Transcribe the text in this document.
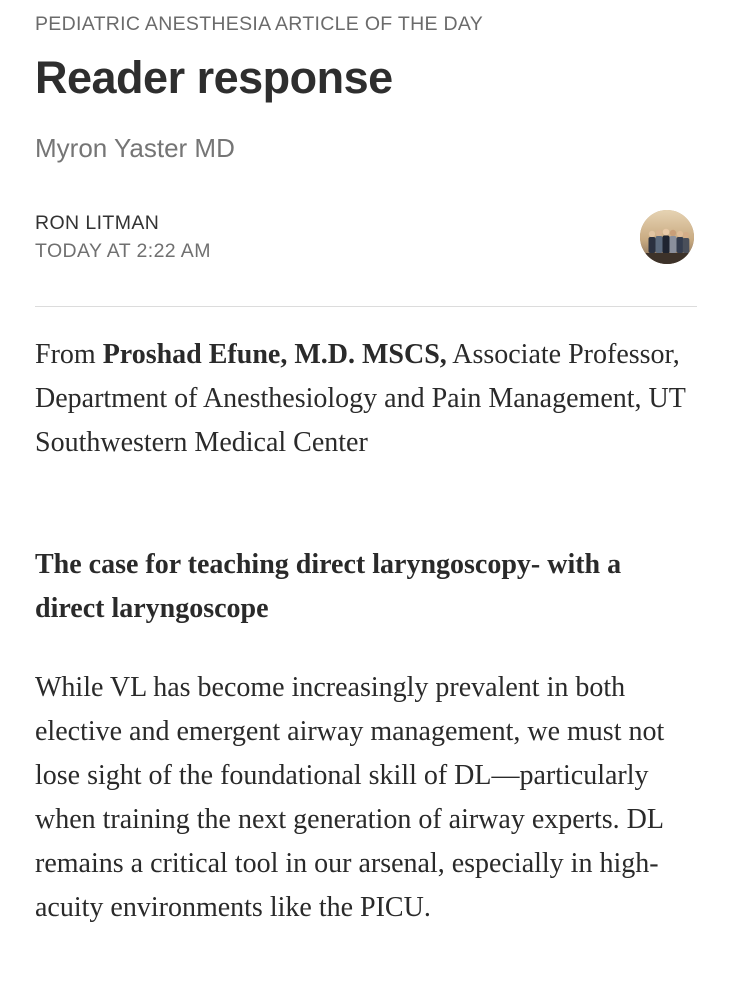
PEDIATRIC ANESTHESIA ARTICLE OF THE DAY
Reader response
Myron Yaster MD
RON LITMAN
TODAY AT 2:22 AM

From Proshad Efune, M.D. MSCS, Associate Professor, Department of Anesthesiology and Pain Management, UT Southwestern Medical Center

The case for teaching direct laryngoscopy- with a direct laryngoscope

While VL has become increasingly prevalent in both elective and emergent airway management, we must not lose sight of the foundational skill of DL—particularly when training the next generation of airway experts. DL remains a critical tool in our arsenal, especially in high-acuity environments like the PICU.
